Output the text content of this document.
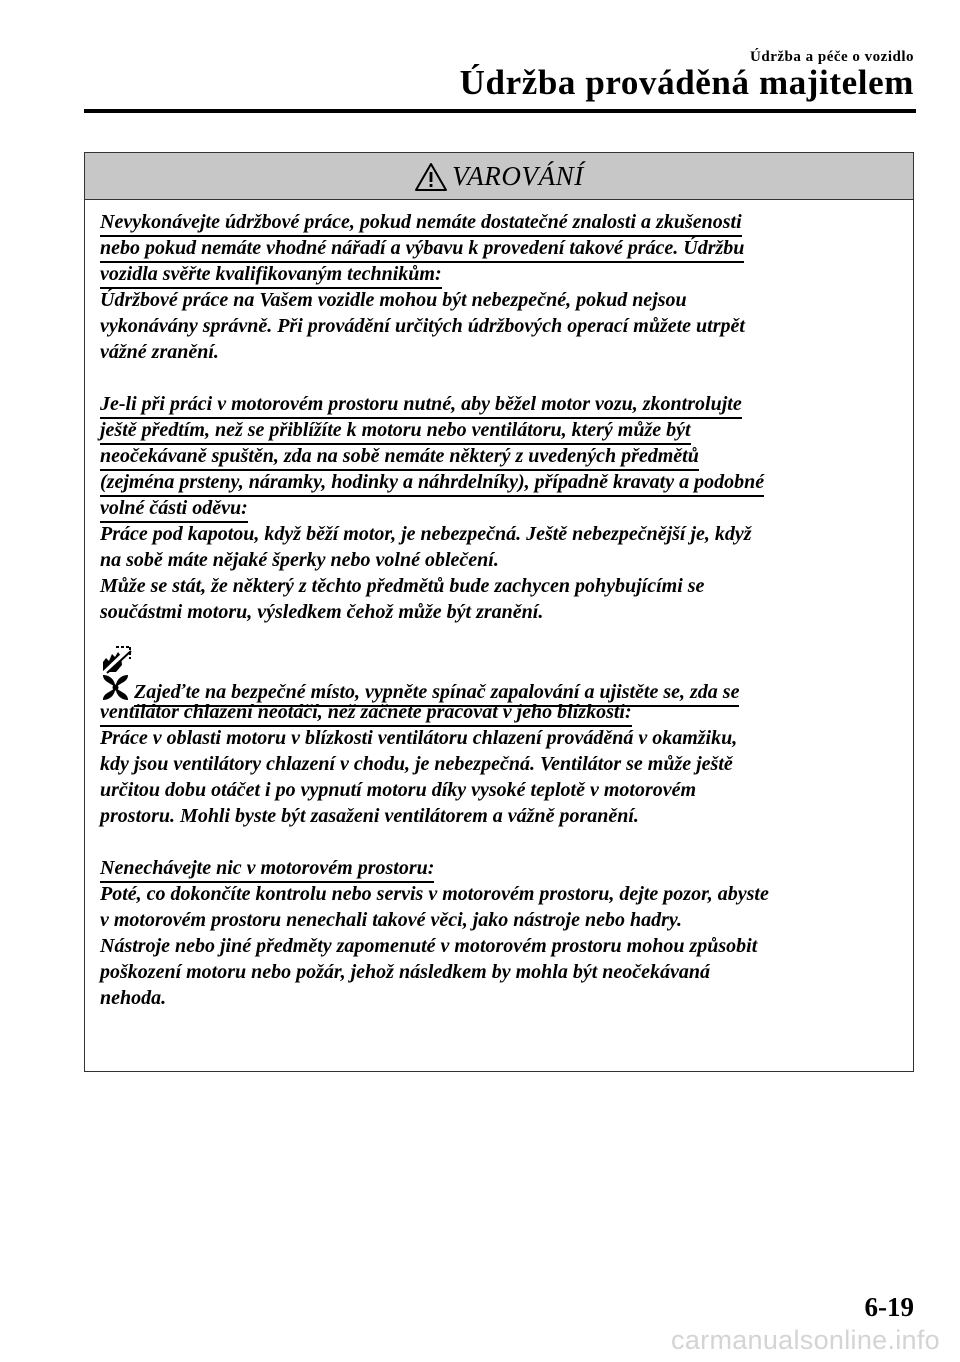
Údržba a péče o vozidlo
Údržba prováděná majitelem
VAROVÁNÍ
Nevykonávejte údržbové práce, pokud nemáte dostatečné znalosti a zkušenosti
nebo pokud nemáte vhodné nářadí a výbavu k provedení takové práce. Údržbu
vozidla svěřte kvalifikovaným technikům:
Údržbové práce na Vašem vozidle mohou být nebezpečné, pokud nejsou
vykonávány správně. Při provádění určitých údržbových operací můžete utrpět
vážné zranění.
Je-li při práci v motorovém prostoru nutné, aby běžel motor vozu, zkontrolujte
ještě předtím, než se přiblížíte k motoru nebo ventilátoru, který může být
neočekávaně spuštěn, zda na sobě nemáte některý z uvedených předmětů
(zejména prsteny, náramky, hodinky a náhrdelníky), případně kravaty a podobné
volné části oděvu:
Práce pod kapotou, když běží motor, je nebezpečná. Ještě nebezpečnější je, když
na sobě máte nějaké šperky nebo volné oblečení.
Může se stát, že některý z těchto předmětů bude zachycen pohybujícími se
součástmi motoru, výsledkem čehož může být zranění.
Zajeďte na bezpečné místo, vypněte spínač zapalování a ujistěte se, zda se
ventilátor chlazení neotáčí, než začnete pracovat v jeho blízkosti:
Práce v oblasti motoru v blízkosti ventilátoru chlazení prováděná v okamžiku,
kdy jsou ventilátory chlazení v chodu, je nebezpečná. Ventilátor se může ještě
určitou dobu otáčet i po vypnutí motoru díky vysoké teplotě v motorovém
prostoru. Mohli byste být zasaženi ventilátorem a vážně poranění.
Nenechávejte nic v motorovém prostoru:
Poté, co dokončíte kontrolu nebo servis v motorovém prostoru, dejte pozor, abyste
v motorovém prostoru nenechali takové věci, jako nástroje nebo hadry.
Nástroje nebo jiné předměty zapomenuté v motorovém prostoru mohou způsobit
poškození motoru nebo požár, jehož následkem by mohla být neočekávaná
nehoda.
6-19
carmanualsonline.info
